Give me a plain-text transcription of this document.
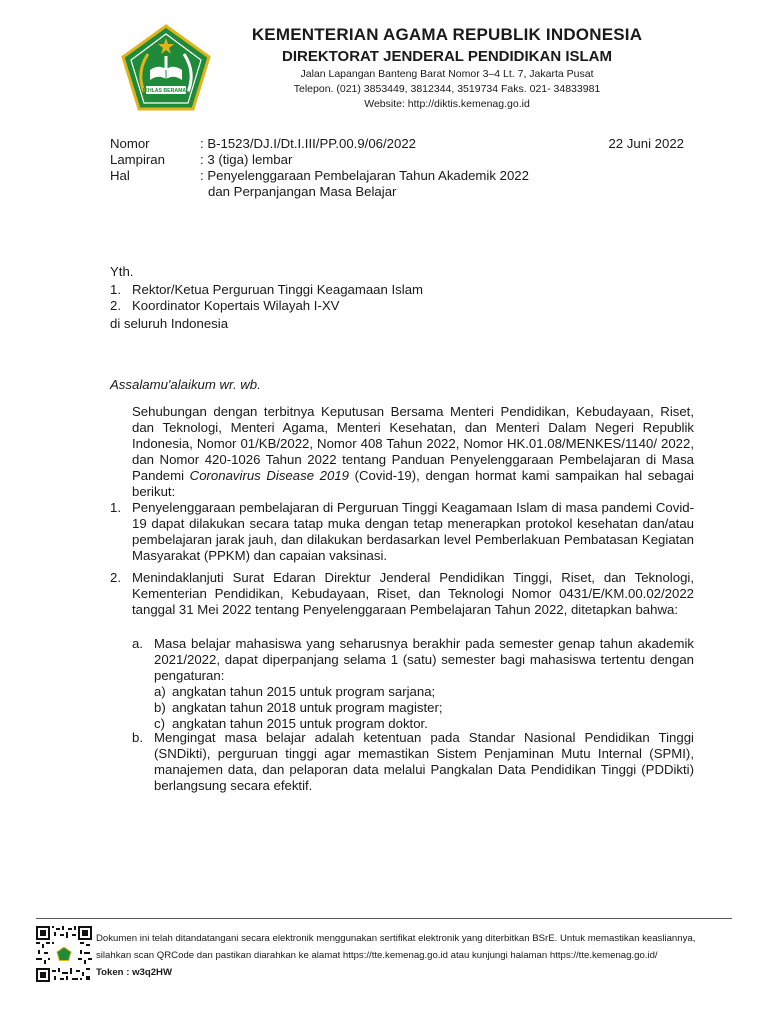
IKHLAS BERAMAL
KEMENTERIAN AGAMA REPUBLIK INDONESIA
DIREKTORAT JENDERAL PENDIDIKAN ISLAM
Jalan Lapangan Banteng Barat Nomor 3–4 Lt. 7, Jakarta Pusat
Telepon. (021) 3853449, 3812344, 3519734 Faks. 021- 34833981
Website: http://diktis.kemenag.go.id
Nomor	: B-1523/DJ.I/Dt.I.III/PP.00.9/06/2022	22 Juni 2022
Lampiran	: 3 (tiga) lembar
Hal	: Penyelenggaraan Pembelajaran Tahun Akademik 2022
dan Perpanjangan Masa Belajar
Yth.
1. Rektor/Ketua Perguruan Tinggi Keagamaan Islam
2. Koordinator Kopertais Wilayah I-XV
di seluruh Indonesia
Assalamu'alaikum wr. wb.
Sehubungan dengan terbitnya Keputusan Bersama Menteri Pendidikan, Kebudayaan, Riset, dan Teknologi, Menteri Agama, Menteri Kesehatan, dan Menteri Dalam Negeri Republik Indonesia, Nomor 01/KB/2022, Nomor 408 Tahun 2022, Nomor HK.01.08/MENKES/1140/ 2022, dan Nomor 420-1026 Tahun 2022 tentang Panduan Penyelenggaraan Pembelajaran di Masa Pandemi Coronavirus Disease 2019 (Covid-19), dengan hormat kami sampaikan hal sebagai berikut:
1. Penyelenggaraan pembelajaran di Perguruan Tinggi Keagamaan Islam di masa pandemi Covid-19 dapat dilakukan secara tatap muka dengan tetap menerapkan protokol kesehatan dan/atau pembelajaran jarak jauh, dan dilakukan berdasarkan level Pemberlakuan Pembatasan Kegiatan Masyarakat (PPKM) dan capaian vaksinasi.
2. Menindaklanjuti Surat Edaran Direktur Jenderal Pendidikan Tinggi, Riset, dan Teknologi, Kementerian Pendidikan, Kebudayaan, Riset, dan Teknologi Nomor 0431/E/KM.00.02/2022 tanggal 31 Mei 2022 tentang Penyelenggaraan Pembelajaran Tahun 2022, ditetapkan bahwa:
a. Masa belajar mahasiswa yang seharusnya berakhir pada semester genap tahun akademik 2021/2022, dapat diperpanjang selama 1 (satu) semester bagi mahasiswa tertentu dengan pengaturan:
a) angkatan tahun 2015 untuk program sarjana;
b) angkatan tahun 2018 untuk program magister;
c) angkatan tahun 2015 untuk program doktor.
b. Mengingat masa belajar adalah ketentuan pada Standar Nasional Pendidikan Tinggi (SNDikti), perguruan tinggi agar memastikan Sistem Penjaminan Mutu Internal (SPMI), manajemen data, dan pelaporan data melalui Pangkalan Data Pendidikan Tinggi (PDDikti) berlangsung secara efektif.
Dokumen ini telah ditandatangani secara elektronik menggunakan sertifikat elektronik yang diterbitkan BSrE. Untuk memastikan keasliannya,
silahkan scan QRCode dan pastikan diarahkan ke alamat https://tte.kemenag.go.id atau kunjungi halaman https://tte.kemenag.go.id/
Token : w3q2HW
